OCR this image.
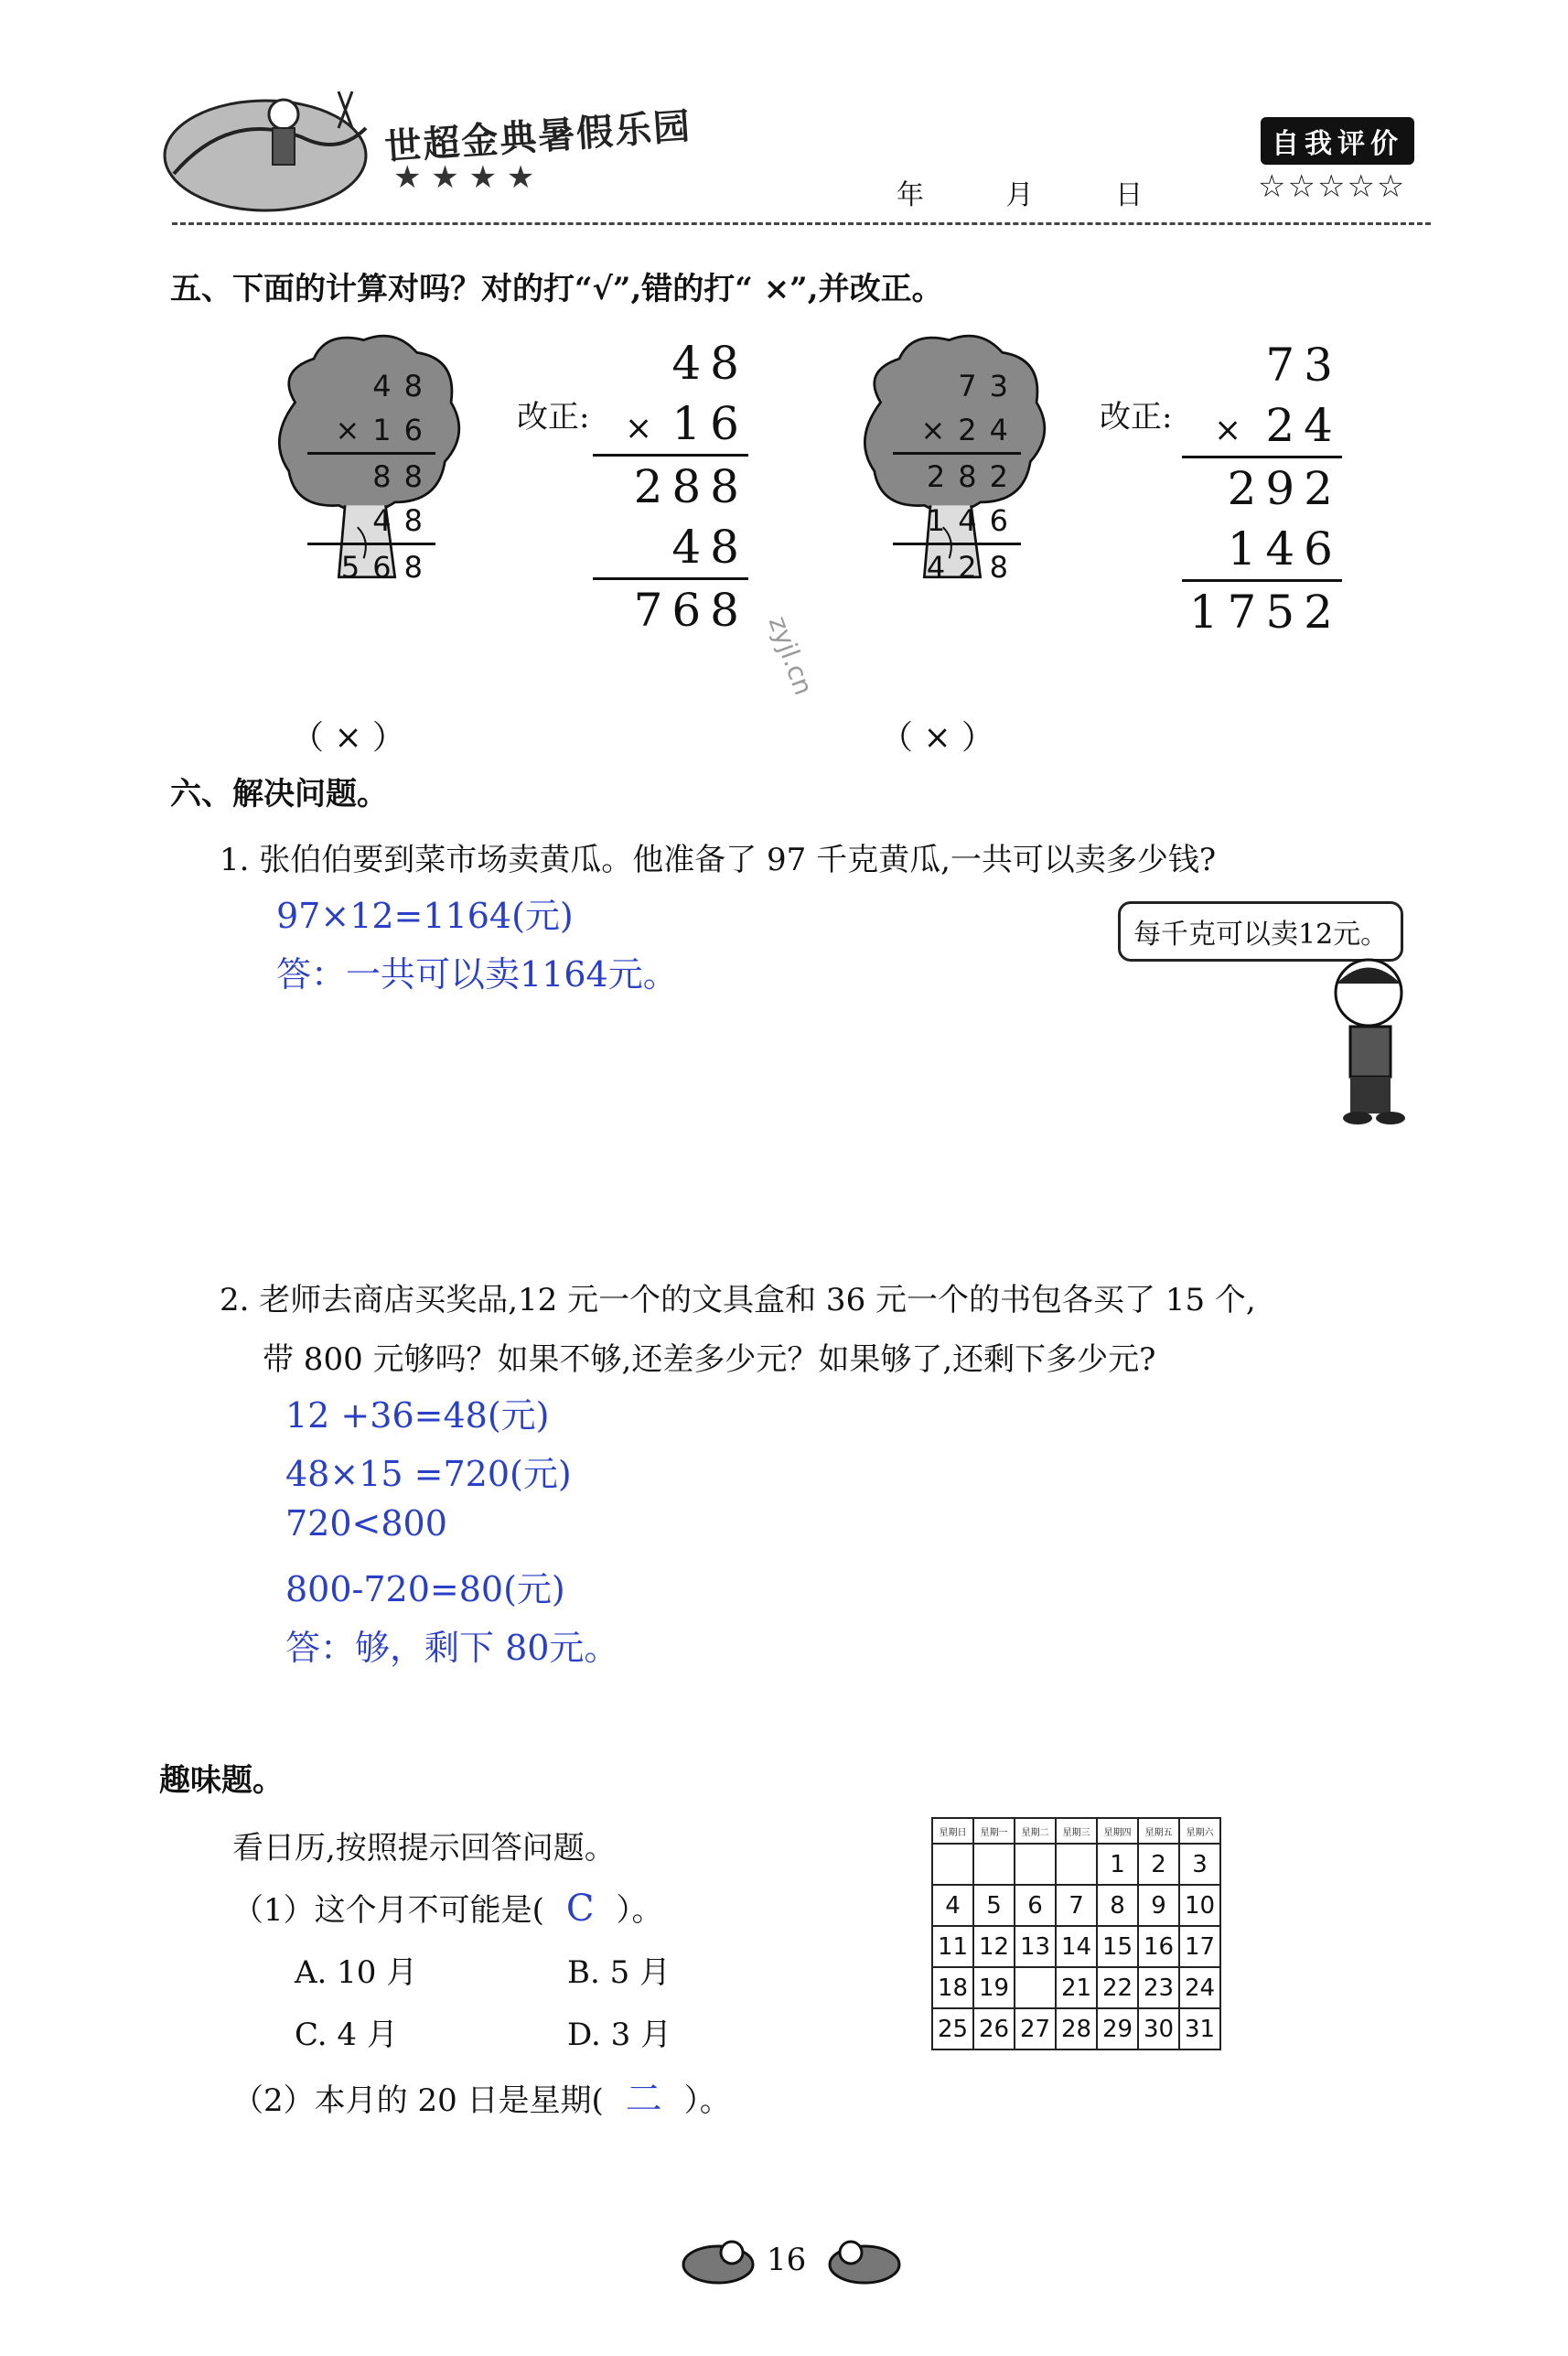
世超金典暑假乐园
★ ★ ★ ★	年	月	日
自我评价
☆☆☆☆☆
五、下面的计算对吗？对的打“√”,错的打“ ×”,并改正。
48
×16
88
48
568
（ × ）
改正:
48
× 16
288
48
768
73
×24
282
146
428
（ × ）
改正:
73
× 24
292
146
1752
zyjl.cn
六、解决问题。
1. 张伯伯要到菜市场卖黄瓜。他准备了 97 千克黄瓜,一共可以卖多少钱?
97×12=1164(元)
答：一共可以卖1164元。
每千克可以卖12元。
2. 老师去商店买奖品,12 元一个的文具盒和 36 元一个的书包各买了 15 个,
带 800 元够吗？如果不够,还差多少元？如果够了,还剩下多少元?
12 +36=48(元)
48×15 =720(元)
720<800
800-720=80(元)
答：够，剩下 80元。
趣味题。
看日历,按照提示回答问题。
（1）这个月不可能是( C ）。
A. 10 月	B. 5 月
C. 4 月	D. 3 月
（2）本月的 20 日是星期( 二 ）。
星期日	星期一	星期二	星期三	星期四	星期五	星期六
				1	2	3
4	5	6	7	8	9	10
11	12	13	14	15	16	17
18	19		21	22	23	24
25	26	27	28	29	30	31
16
